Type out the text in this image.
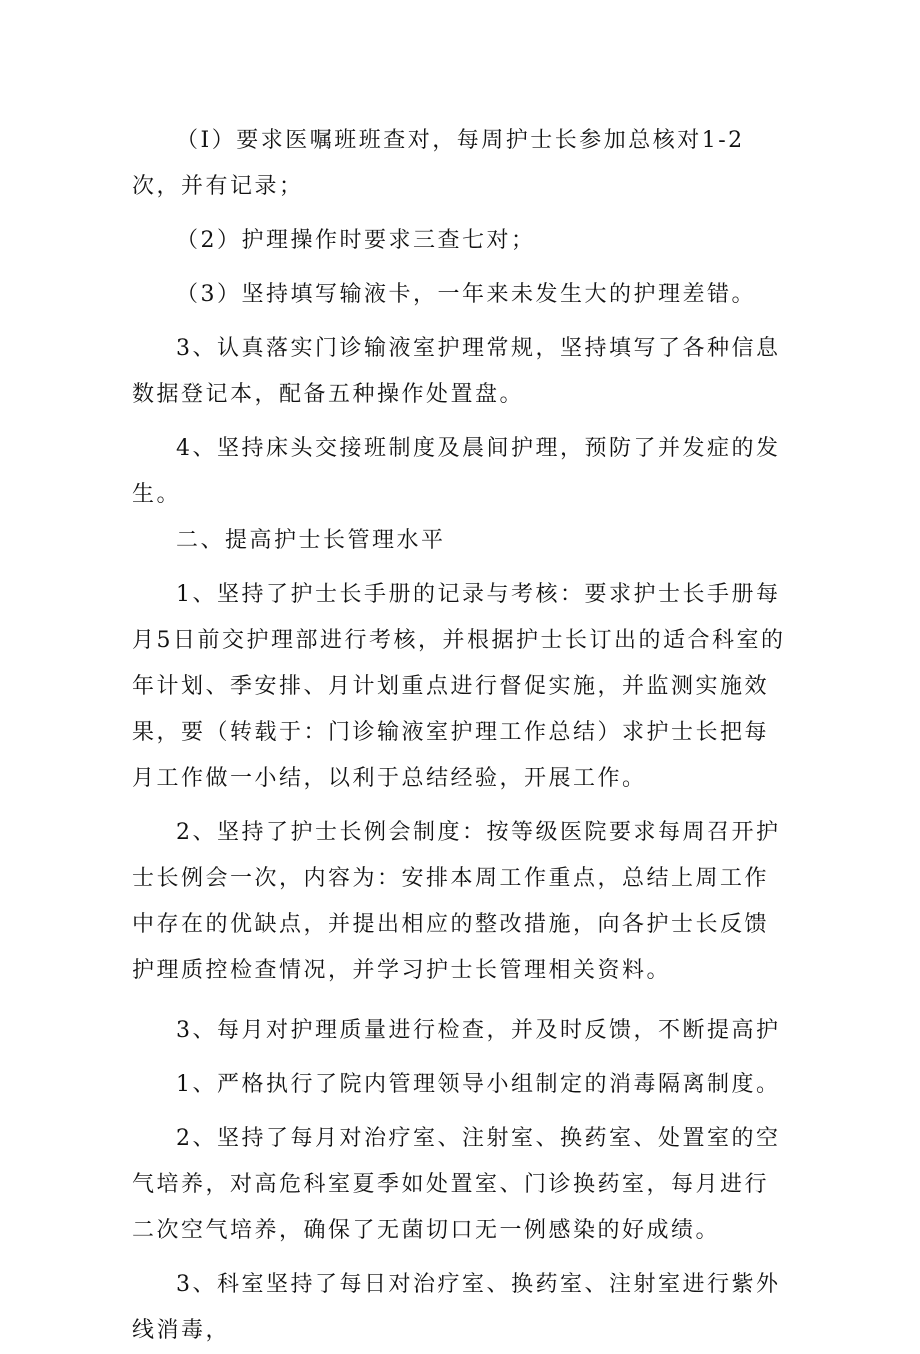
（I）要求医嘱班班查对，每周护士长参加总核对1-2次，并有记录；

（2）护理操作时要求三查七对；

（3）坚持填写输液卡，一年来未发生大的护理差错。

3、认真落实门诊输液室护理常规，坚持填写了各种信息数据登记本，配备五种操作处置盘。

4、坚持床头交接班制度及晨间护理，预防了并发症的发生。

二、提高护士长管理水平

1、坚持了护士长手册的记录与考核：要求护士长手册每月5日前交护理部进行考核，并根据护士长订出的适合科室的年计划、季安排、月计划重点进行督促实施，并监测实施效果，要（转载于：门诊输液室护理工作总结）求护士长把每月工作做一小结，以利于总结经验，开展工作。

2、坚持了护士长例会制度：按等级医院要求每周召开护士长例会一次，内容为：安排本周工作重点，总结上周工作中存在的优缺点，并提出相应的整改措施，向各护士长反馈护理质控检查情况，并学习护士长管理相关资料。

3、每月对护理质量进行检查，并及时反馈，不断提高护

1、严格执行了院内管理领导小组制定的消毒隔离制度。

2、坚持了每月对治疗室、注射室、换药室、处置室的空气培养，对高危科室夏季如处置室、门诊换药室，每月进行二次空气培养，确保了无菌切口无一例感染的好成绩。

3、科室坚持了每日对治疗室、换药室、注射室进行紫外线消毒，
